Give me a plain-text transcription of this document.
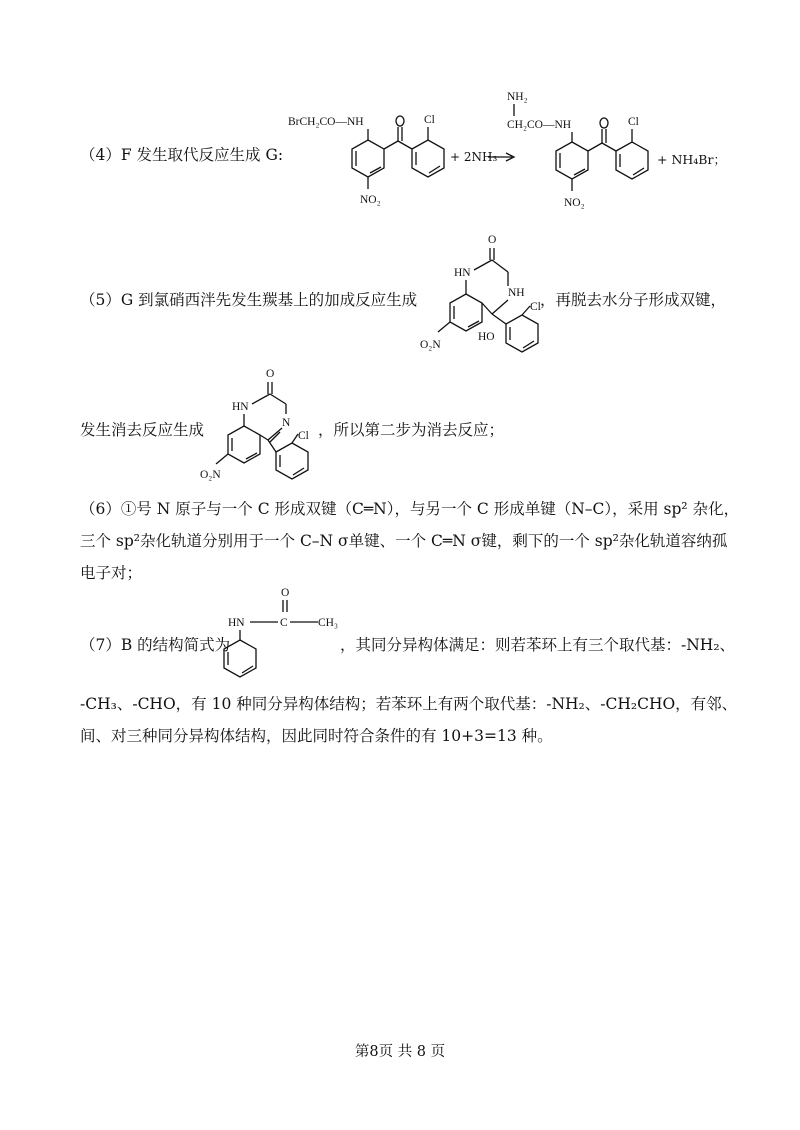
（4）F 发生取代反应生成 G:
BrCH₂CO—NH
NO₂
Cl
+ 2NH₃
NH₂
CH₂CO—NH
NO₂
Cl
+ NH₄Br；
（5）G 到氯硝西泮先发生羰基上的加成反应生成
O
HN
NH
O₂N
HO
Cl ，再脱去水分子形成双键，
发生消去反应生成
O
HN
N
O₂N
Cl ，所以第二步为消去反应；
（6）①号 N 原子与一个 C 形成双键（C═N），与另一个 C 形成单键（N–C），采用 sp² 杂化，
三个 sp²杂化轨道分别用于一个 C–N σ单键、一个 C═N σ键，剩下的一个 sp²杂化轨道容纳孤
电子对；
（7）B 的结构简式为
O
HN	C	CH₃
，其同分异构体满足：则若苯环上有三个取代基：-NH₂、
-CH₃、-CHO，有 10 种同分异构体结构；若苯环上有两个取代基：-NH₂、-CH₂CHO，有邻、
间、对三种同分异构体结构，因此同时符合条件的有 10+3=13 种。
第8页 共 8 页
